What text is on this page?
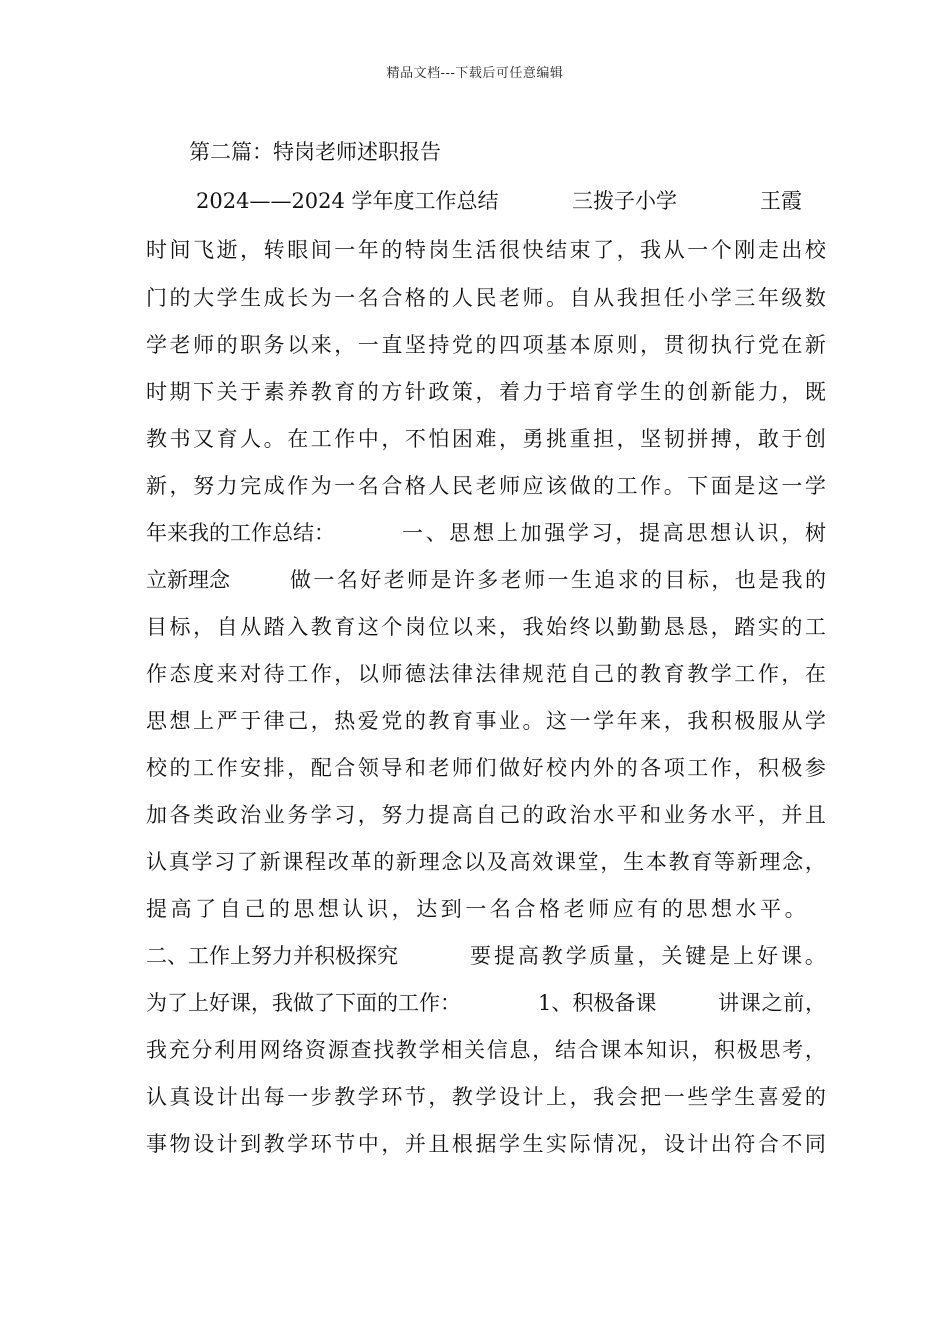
精品文档---下载后可任意编辑
第二篇：特岗老师述职报告
2024——2024 学年度工作总结	三拨子小学	王霞
时 间 飞 逝 ， 转 眼 间 一 年 的 特 岗 生 活 很 快 结 束 了 ， 我 从 一 个 刚 走 出 校
门 的 大 学 生 成 长 为 一 名 合 格 的 人 民 老 师 。 自 从 我 担 任 小 学 三 年 级 数
学 老 师 的 职 务 以 来 ， 一 直 坚 持 党 的 四 项 基 本 原 则 ， 贯 彻 执 行 党 在 新
时 期 下 关 于 素 养 教 育 的 方 针 政 策 ， 着 力 于 培 育 学 生 的 创 新 能 力 ， 既
教 书 又 育 人 。 在 工 作 中 ， 不 怕 困 难 ， 勇 挑 重 担 ， 坚 韧 拼 搏 ， 敢 于 创
新 ， 努 力 完 成 作 为 一 名 合 格 人 民 老 师 应 该 做 的 工 作 。 下 面 是 这 一 学
年来我的工作总结：	一 、 思 想 上 加 强 学 习 ， 提 高 思 想 认 识 ， 树
立新理念	做 一 名 好 老 师 是 许 多 老 师 一 生 追 求 的 目 标 ， 也 是 我 的
目 标 ， 自 从 踏 入 教 育 这 个 岗 位 以 来 ， 我 始 终 以 勤 勤 恳 恳 ， 踏 实 的 工
作 态 度 来 对 待 工 作 ， 以 师 德 法 律 法 律 规 范 自 己 的 教 育 教 学 工 作 ， 在
思 想 上 严 于 律 己 ， 热 爱 党 的 教 育 事 业 。 这 一 学 年 来 ， 我 积 极 服 从 学
校 的 工 作 安 排 ， 配 合 领 导 和 老 师 们 做 好 校 内 外 的 各 项 工 作 ， 积 极 参
加 各 类 政 治 业 务 学 习 ， 努 力 提 高 自 己 的 政 治 水 平 和 业 务 水 平 ， 并 且
认 真 学 习 了 新 课 程 改 革 的 新 理 念 以 及 高 效 课 堂 ， 生 本 教 育 等 新 理 念 ，
提 高 了 自 己 的 思 想 认 识 ， 达 到 一 名 合 格 老 师 应 有 的 思 想 水 平 。
二、工作上努力并积极探究	要 提 高 教 学 质 量 ， 关 键 是 上 好 课 。
为了上好课，我做了下面的工作：	1、积极备课	讲 课 之 前 ，
我 充 分 利 用 网 络 资 源 查 找 教 学 相 关 信 息 ， 结 合 课 本 知 识 ， 积 极 思 考 ，
认 真 设 计 出 每 一 步 教 学 环 节 ， 教 学 设 计 上 ， 我 会 把 一 些 学 生 喜 爱 的
事 物 设 计 到 教 学 环 节 中 ， 并 且 根 据 学 生 实 际 情 况 ， 设 计 出 符 合 不 同
